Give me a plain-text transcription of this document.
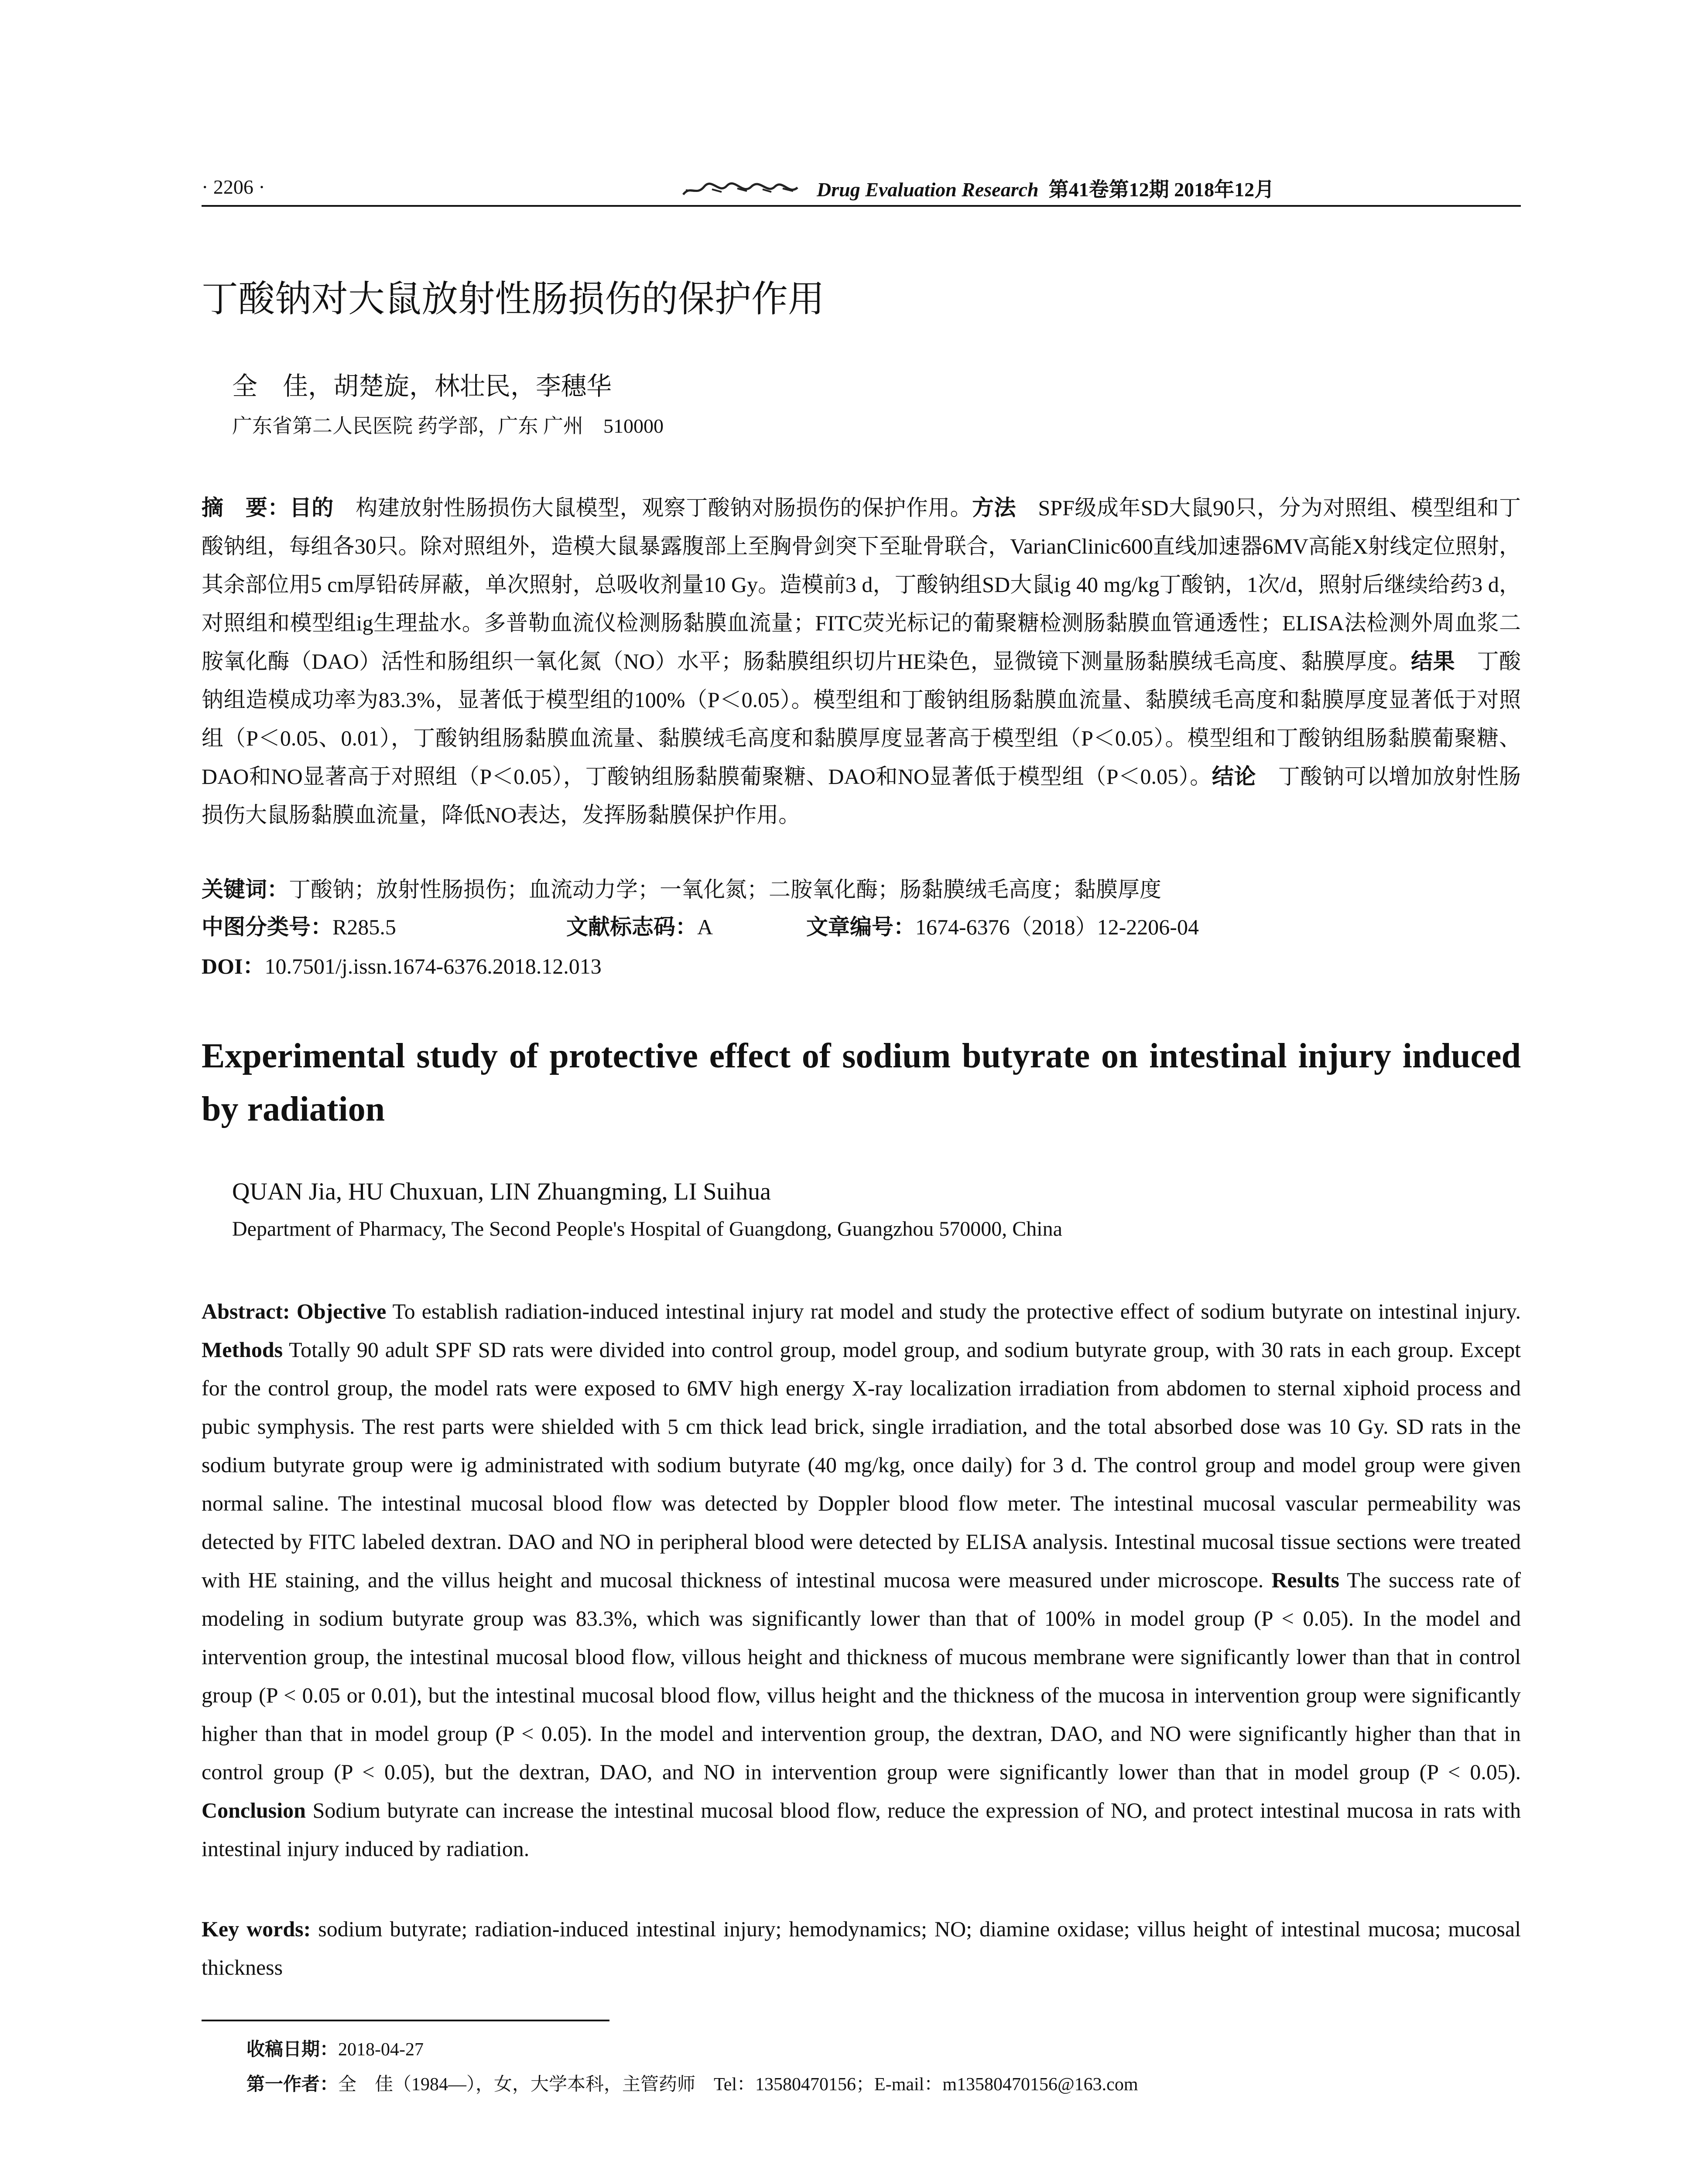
· 2206 ·	Drug Evaluation Research 第41卷第12期 2018年12月
丁酸钠对大鼠放射性肠损伤的保护作用
全　佳，胡楚旋，林壮民，李穗华
广东省第二人民医院 药学部，广东 广州　510000
摘　要：目的　构建放射性肠损伤大鼠模型，观察丁酸钠对肠损伤的保护作用。方法　SPF级成年SD大鼠90只，分为对照组、模型组和丁酸钠组，每组各30只。除对照组外，造模大鼠暴露腹部上至胸骨剑突下至耻骨联合，VarianClinic600直线加速器6MV高能X射线定位照射，其余部位用5 cm厚铅砖屏蔽，单次照射，总吸收剂量10 Gy。造模前3 d，丁酸钠组SD大鼠ig 40 mg/kg丁酸钠，1次/d，照射后继续给药3 d，对照组和模型组ig生理盐水。多普勒血流仪检测肠黏膜血流量；FITC荧光标记的葡聚糖检测肠黏膜血管通透性；ELISA法检测外周血浆二胺氧化酶（DAO）活性和肠组织一氧化氮（NO）水平；肠黏膜组织切片HE染色，显微镜下测量肠黏膜绒毛高度、黏膜厚度。结果　丁酸钠组造模成功率为83.3%，显著低于模型组的100%（P＜0.05）。模型组和丁酸钠组肠黏膜血流量、黏膜绒毛高度和黏膜厚度显著低于对照组（P＜0.05、0.01），丁酸钠组肠黏膜血流量、黏膜绒毛高度和黏膜厚度显著高于模型组（P＜0.05）。模型组和丁酸钠组肠黏膜葡聚糖、DAO和NO显著高于对照组（P＜0.05），丁酸钠组肠黏膜葡聚糖、DAO和NO显著低于模型组（P＜0.05）。结论　丁酸钠可以增加放射性肠损伤大鼠肠黏膜血流量，降低NO表达，发挥肠黏膜保护作用。
关键词：丁酸钠；放射性肠损伤；血流动力学；一氧化氮；二胺氧化酶；肠黏膜绒毛高度；黏膜厚度
中图分类号：R285.5	文献标志码：A	文章编号：1674-6376（2018）12-2206-04
DOI：10.7501/j.issn.1674-6376.2018.12.013
Experimental study of protective effect of sodium butyrate on intestinal injury induced by radiation
QUAN Jia, HU Chuxuan, LIN Zhuangming, LI Suihua
Department of Pharmacy, The Second People's Hospital of Guangdong, Guangzhou 570000, China
Abstract: Objective To establish radiation-induced intestinal injury rat model and study the protective effect of sodium butyrate on intestinal injury. Methods Totally 90 adult SPF SD rats were divided into control group, model group, and sodium butyrate group, with 30 rats in each group. Except for the control group, the model rats were exposed to 6MV high energy X-ray localization irradiation from abdomen to sternal xiphoid process and pubic symphysis. The rest parts were shielded with 5 cm thick lead brick, single irradiation, and the total absorbed dose was 10 Gy. SD rats in the sodium butyrate group were ig administrated with sodium butyrate (40 mg/kg, once daily) for 3 d. The control group and model group were given normal saline. The intestinal mucosal blood flow was detected by Doppler blood flow meter. The intestinal mucosal vascular permeability was detected by FITC labeled dextran. DAO and NO in peripheral blood were detected by ELISA analysis. Intestinal mucosal tissue sections were treated with HE staining, and the villus height and mucosal thickness of intestinal mucosa were measured under microscope. Results The success rate of modeling in sodium butyrate group was 83.3%, which was significantly lower than that of 100% in model group (P < 0.05). In the model and intervention group, the intestinal mucosal blood flow, villous height and thickness of mucous membrane were significantly lower than that in control group (P < 0.05 or 0.01), but the intestinal mucosal blood flow, villus height and the thickness of the mucosa in intervention group were significantly higher than that in model group (P < 0.05). In the model and intervention group, the dextran, DAO, and NO were significantly higher than that in control group (P < 0.05), but the dextran, DAO, and NO in intervention group were significantly lower than that in model group (P < 0.05). Conclusion Sodium butyrate can increase the intestinal mucosal blood flow, reduce the expression of NO, and protect intestinal mucosa in rats with intestinal injury induced by radiation.
Key words: sodium butyrate; radiation-induced intestinal injury; hemodynamics; NO; diamine oxidase; villus height of intestinal mucosa; mucosal thickness
收稿日期：2018-04-27
第一作者：全　佳（1984—），女，大学本科，主管药师　Tel：13580470156；E-mail：m13580470156@163.com
